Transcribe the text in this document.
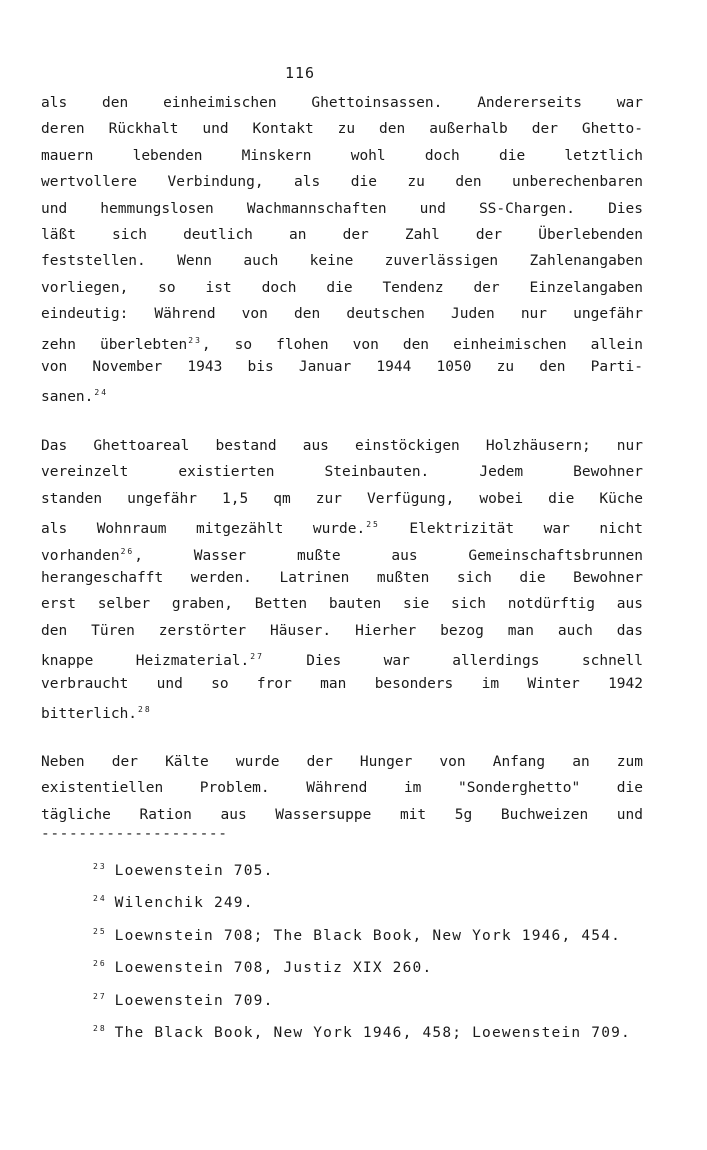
116
als den einheimischen Ghettoinsassen. Andererseits war
deren Rückhalt und Kontakt zu den außerhalb der Ghetto-
mauern lebenden Minskern wohl doch die letztlich
wertvollere Verbindung, als die zu den unberechenbaren
und hemmungslosen Wachmannschaften und SS-Chargen. Dies
läßt sich deutlich an der Zahl der Überlebenden
feststellen. Wenn auch keine zuverlässigen Zahlenangaben
vorliegen, so ist doch die Tendenz der Einzelangaben
eindeutig: Während von den deutschen Juden nur ungefähr
zehn überlebten$^{23}$, so flohen von den einheimischen allein
von November 1943 bis Januar 1944 1050 zu den Parti-
sanen.$^{24}$
Das Ghettoareal bestand aus einstöckigen Holzhäusern; nur
vereinzelt existierten Steinbauten. Jedem Bewohner
standen ungefähr 1,5 qm zur Verfügung, wobei die Küche
als Wohnraum mitgezählt wurde.$^{25}$ Elektrizität war nicht
vorhanden$^{26}$, Wasser mußte aus Gemeinschaftsbrunnen
herangeschafft werden. Latrinen mußten sich die Bewohner
erst selber graben, Betten bauten sie sich notdürftig aus
den Türen zerstörter Häuser. Hierher bezog man auch das
knappe Heizmaterial.$^{27}$ Dies war allerdings schnell
verbraucht und so fror man besonders im Winter 1942
bitterlich.$^{28}$
Neben der Kälte wurde der Hunger von Anfang an zum
existentiellen Problem. Während im "Sonderghetto" die
tägliche Ration aus Wassersuppe mit 5g Buchweizen und
--------------------
$^{23}$ Loewenstein 705.
$^{24}$ Wilenchik 249.
$^{25}$ Loewnstein 708; The Black Book, New York 1946, 454.
$^{26}$ Loewenstein 708, Justiz XIX 260.
$^{27}$ Loewenstein 709.
$^{28}$ The Black Book, New York 1946, 458; Loewenstein 709.
